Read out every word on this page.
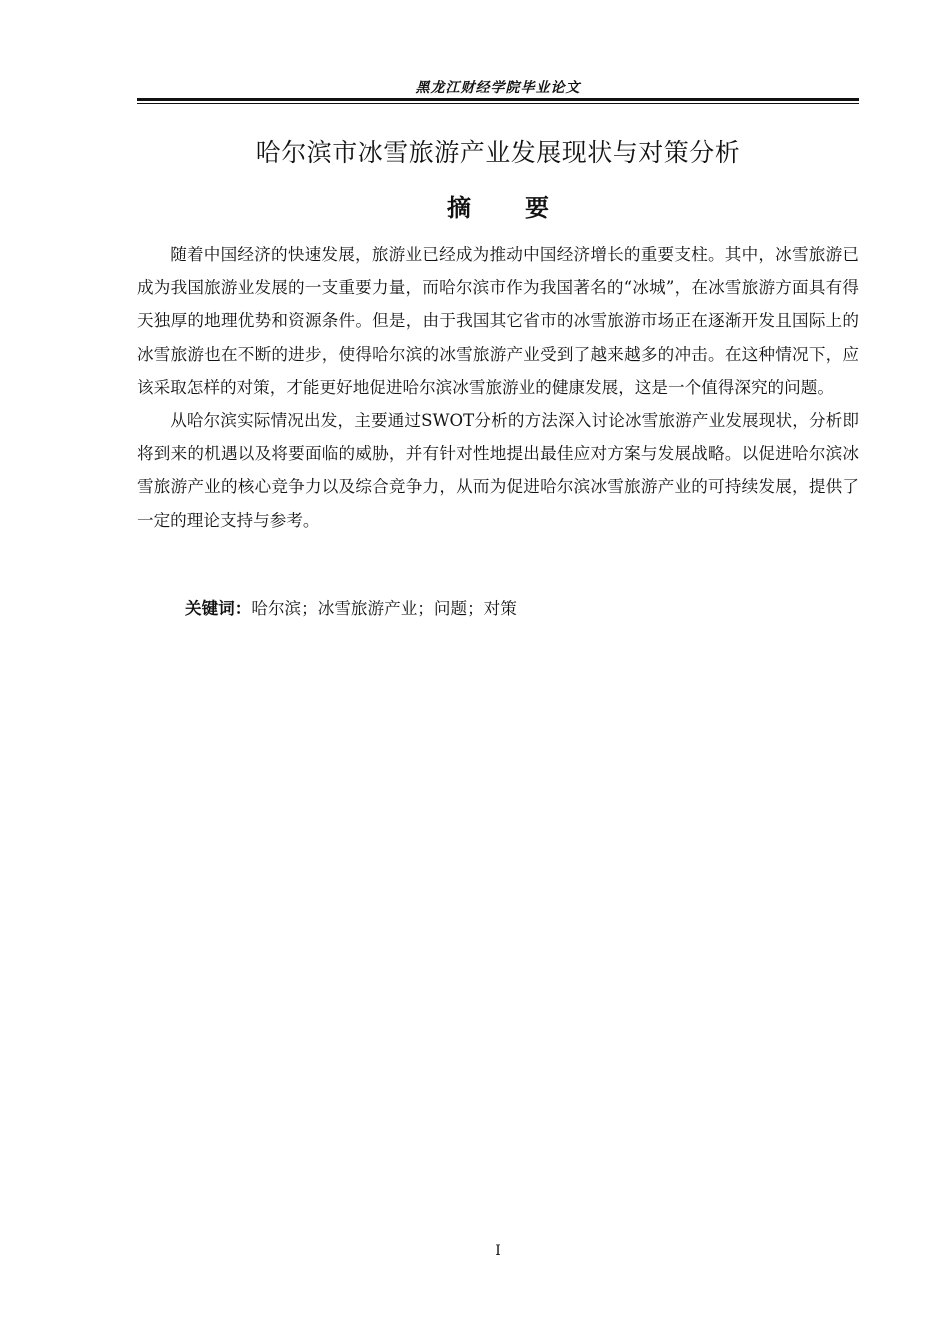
黑龙江财经学院毕业论文
哈尔滨市冰雪旅游产业发展现状与对策分析
摘 要

随着中国经济的快速发展，旅游业已经成为推动中国经济增长的重要支柱。其中，冰雪旅游已成为我国旅游业发展的一支重要力量，而哈尔滨市作为我国著名的“冰城”，在冰雪旅游方面具有得天独厚的地理优势和资源条件。但是，由于我国其它省市的冰雪旅游市场正在逐渐开发且国际上的冰雪旅游也在不断的进步，使得哈尔滨的冰雪旅游产业受到了越来越多的冲击。在这种情况下，应该采取怎样的对策，才能更好地促进哈尔滨冰雪旅游业的健康发展，这是一个值得深究的问题。

从哈尔滨实际情况出发，主要通过SWOT分析的方法深入讨论冰雪旅游产业发展现状，分析即将到来的机遇以及将要面临的威胁，并有针对性地提出最佳应对方案与发展战略。以促进哈尔滨冰雪旅游产业的核心竞争力以及综合竞争力，从而为促进哈尔滨冰雪旅游产业的可持续发展，提供了一定的理论支持与参考。

关键词：哈尔滨；冰雪旅游产业；问题；对策
I
